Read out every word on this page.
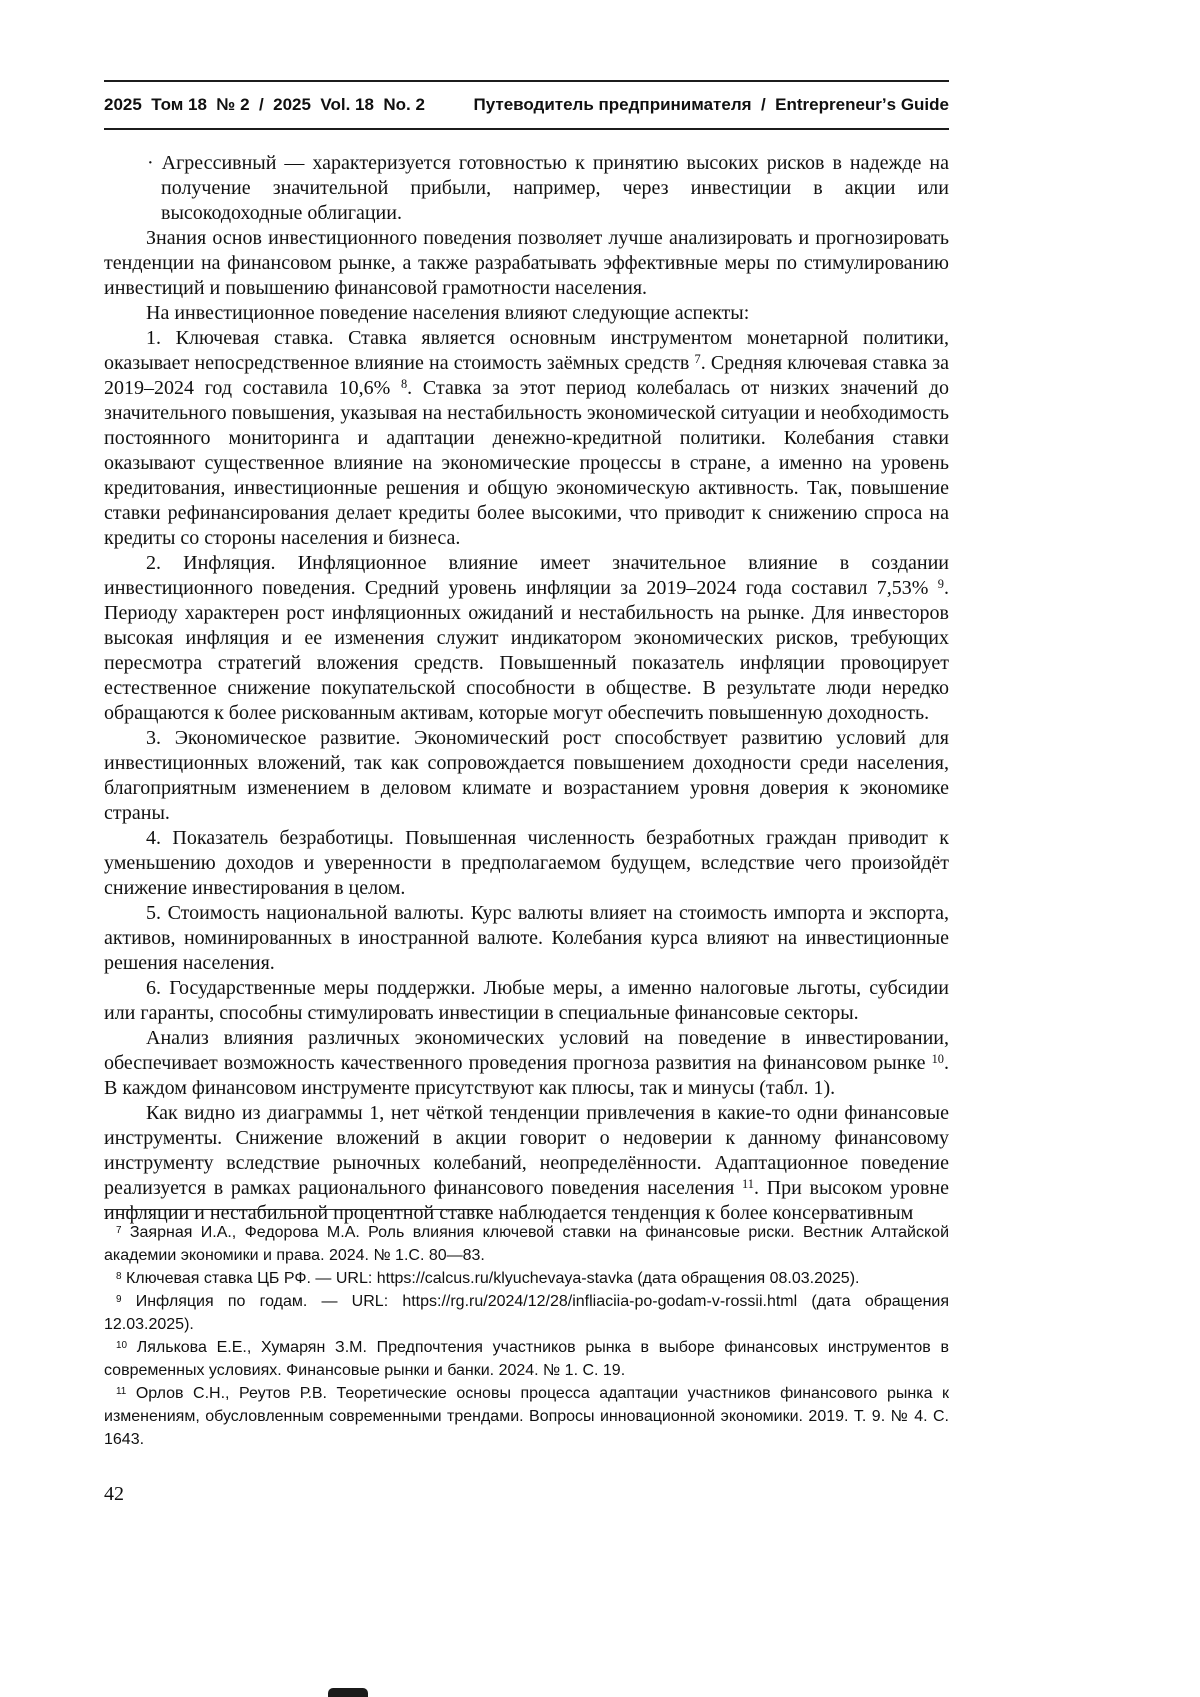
2025  Том 18  № 2  /  2025  Vol. 18  No. 2	Путеводитель предпринимателя  /  Entrepreneurʼs Guide

· Агрессивный — характеризуется готовностью к принятию высоких рисков в надежде на получение значительной прибыли, например, через инвестиции в акции или высокодоходные облигации.

Знания основ инвестиционного поведения позволяет лучше анализировать и прогнозировать тенденции на финансовом рынке, а также разрабатывать эффективные меры по стимулированию инвестиций и повышению финансовой грамотности населения.

На инвестиционное поведение населения влияют следующие аспекты:

1. Ключевая ставка. Ставка является основным инструментом монетарной политики, оказывает непосредственное влияние на стоимость заёмных средств $^7$. Средняя ключевая ставка за 2019–2024 год составила 10,6% $^8$. Ставка за этот период колебалась от низких значений до значительного повышения, указывая на нестабильность экономической ситуации и необходимость постоянного мониторинга и адаптации денежно-кредитной политики. Колебания ставки оказывают существенное влияние на экономические процессы в стране, а именно на уровень кредитования, инвестиционные решения и общую экономическую активность. Так, повышение ставки рефинансирования делает кредиты более высокими, что приводит к снижению спроса на кредиты со стороны населения и бизнеса.

2. Инфляция. Инфляционное влияние имеет значительное влияние в создании инвестиционного поведения. Средний уровень инфляции за 2019–2024 года составил 7,53% $^9$. Периоду характерен рост инфляционных ожиданий и нестабильность на рынке. Для инвесторов высокая инфляция и ее изменения служит индикатором экономических рисков, требующих пересмотра стратегий вложения средств. Повышенный показатель инфляции провоцирует естественное снижение покупательской способности в обществе. В результате люди нередко обращаются к более рискованным активам, которые могут обеспечить повышенную доходность.

3. Экономическое развитие. Экономический рост способствует развитию условий для инвестиционных вложений, так как сопровождается повышением доходности среди населения, благоприятным изменением в деловом климате и возрастанием уровня доверия к экономике страны.

4. Показатель безработицы. Повышенная численность безработных граждан приводит к уменьшению доходов и уверенности в предполагаемом будущем, вследствие чего произойдёт снижение инвестирования в целом.

5. Стоимость национальной валюты. Курс валюты влияет на стоимость импорта и экспорта, активов, номинированных в иностранной валюте. Колебания курса влияют на инвестиционные решения населения.

6. Государственные меры поддержки. Любые меры, а именно налоговые льготы, субсидии или гаранты, способны стимулировать инвестиции в специальные финансовые секторы.

Анализ влияния различных экономических условий на поведение в инвестировании, обеспечивает возможность качественного проведения прогноза развития на финансовом рынке $^{10}$. В каждом финансовом инструменте присутствуют как плюсы, так и минусы (табл. 1).

Как видно из диаграммы 1, нет чёткой тенденции привлечения в какие-то одни финансовые инструменты. Снижение вложений в акции говорит о недоверии к данному финансовому инструменту вследствие рыночных колебаний, неопределённости. Адаптационное поведение реализуется в рамках рационального финансового поведения населения $^{11}$. При высоком уровне инфляции и нестабильной процентной ставке наблюдается тенденция к более консервативным

$^7$ Заярная И.А., Федорова М.А. Роль влияния ключевой ставки на финансовые риски. Вестник Алтайской академии экономики и права. 2024. № 1.С. 80—83.

$^8$ Ключевая ставка ЦБ РФ. — URL: https://calcus.ru/klyuchevaya-stavka (дата обращения 08.03.2025).

$^9$ Инфляция по годам. — URL: https://rg.ru/2024/12/28/infliaciia-po-godam-v-rossii.html (дата обращения 12.03.2025).

$^{10}$ Лялькова Е.Е., Хумарян З.М. Предпочтения участников рынка в выборе финансовых инструментов в современных условиях. Финансовые рынки и банки. 2024. № 1. С. 19.

$^{11}$ Орлов С.Н., Реутов Р.В. Теоретические основы процесса адаптации участников финансового рынка к изменениям, обусловленным современными трендами. Вопросы инновационной экономики. 2019. Т. 9. № 4. С. 1643.

42
